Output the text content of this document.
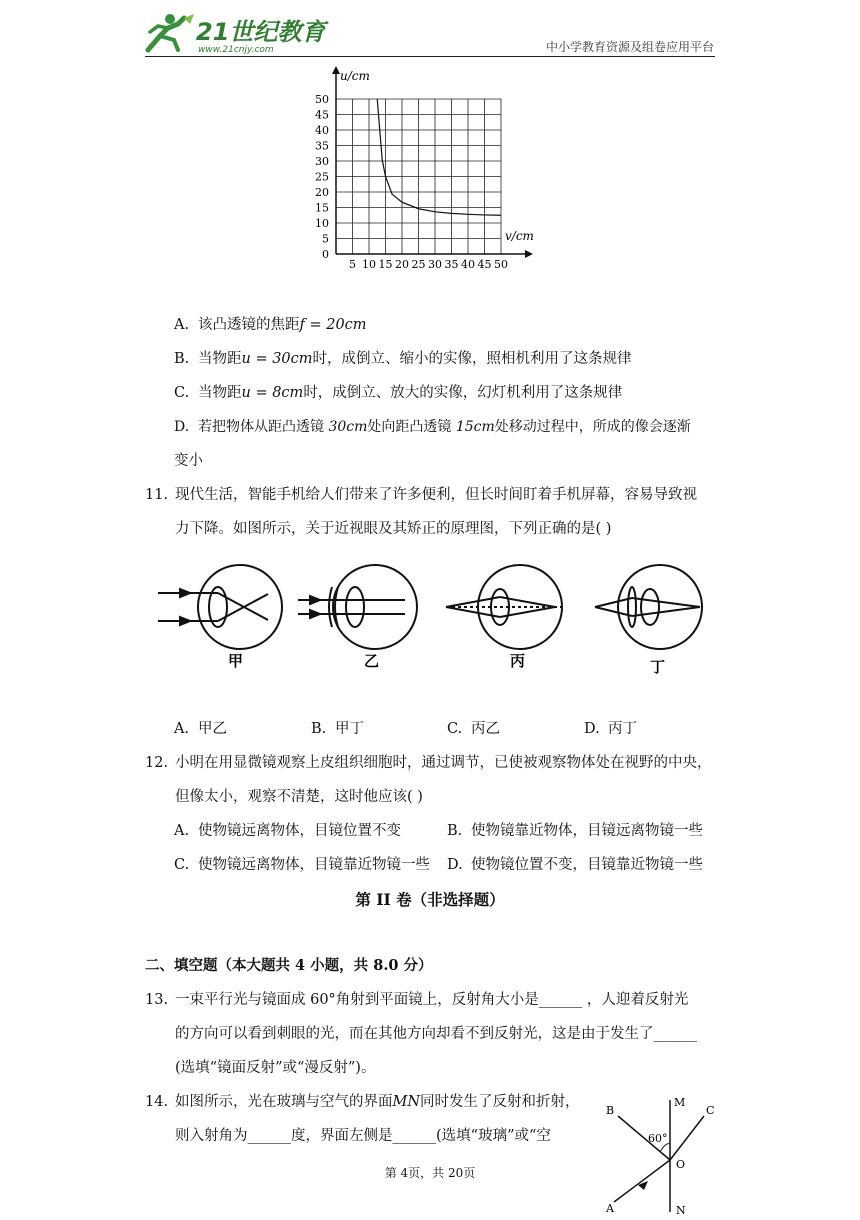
21世纪教育
www.21cnjy.com	中小学教育资源及组卷应用平台
0
5
10
15
20
25
30
35
40
45
50
5 10 15 20 25 30 35 40 45 50
u/cm
v/cm
A. 该凸透镜的焦距f = 20cm
B. 当物距u = 30cm时，成倒立、缩小的实像，照相机利用了这条规律
C. 当物距u = 8cm时，成倒立、放大的实像，幻灯机利用了这条规律
D. 若把物体从距凸透镜 30cm处向距凸透镜 15cm处移动过程中，所成的像会逐渐
变小
11. 现代生活，智能手机给人们带来了许多便利，但长时间盯着手机屏幕，容易导致视
力下降。如图所示，关于近视眼及其矫正的原理图，下列正确的是( )
甲	乙	丙	丁
A. 甲乙	B. 甲丁	C. 丙乙	D. 丙丁
12. 小明在用显微镜观察上皮组织细胞时，通过调节，已使被观察物体处在视野的中央，
但像太小，观察不清楚，这时他应该( )
A. 使物镜远离物体，目镜位置不变	B. 使物镜靠近物体，目镜远离物镜一些
C. 使物镜远离物体，目镜靠近物镜一些 D. 使物镜位置不变，目镜靠近物镜一些
第 II 卷（非选择题）
二、填空题（本大题共 4 小题，共 8.0 分）
13. 一束平行光与镜面成 60°角射到平面镜上，反射角大小是______ ，人迎着反射光
的方向可以看到刺眼的光，而在其他方向却看不到反射光，这是由于发生了______
(选填“镜面反射”或“漫反射”)。
14. 如图所示，光在玻璃与空气的界面MN同时发生了反射和折射，
则入射角为______度，界面左侧是______(选填“玻璃”或“空
B
M
C
60°
O
A	N
第 4页，共 20页
